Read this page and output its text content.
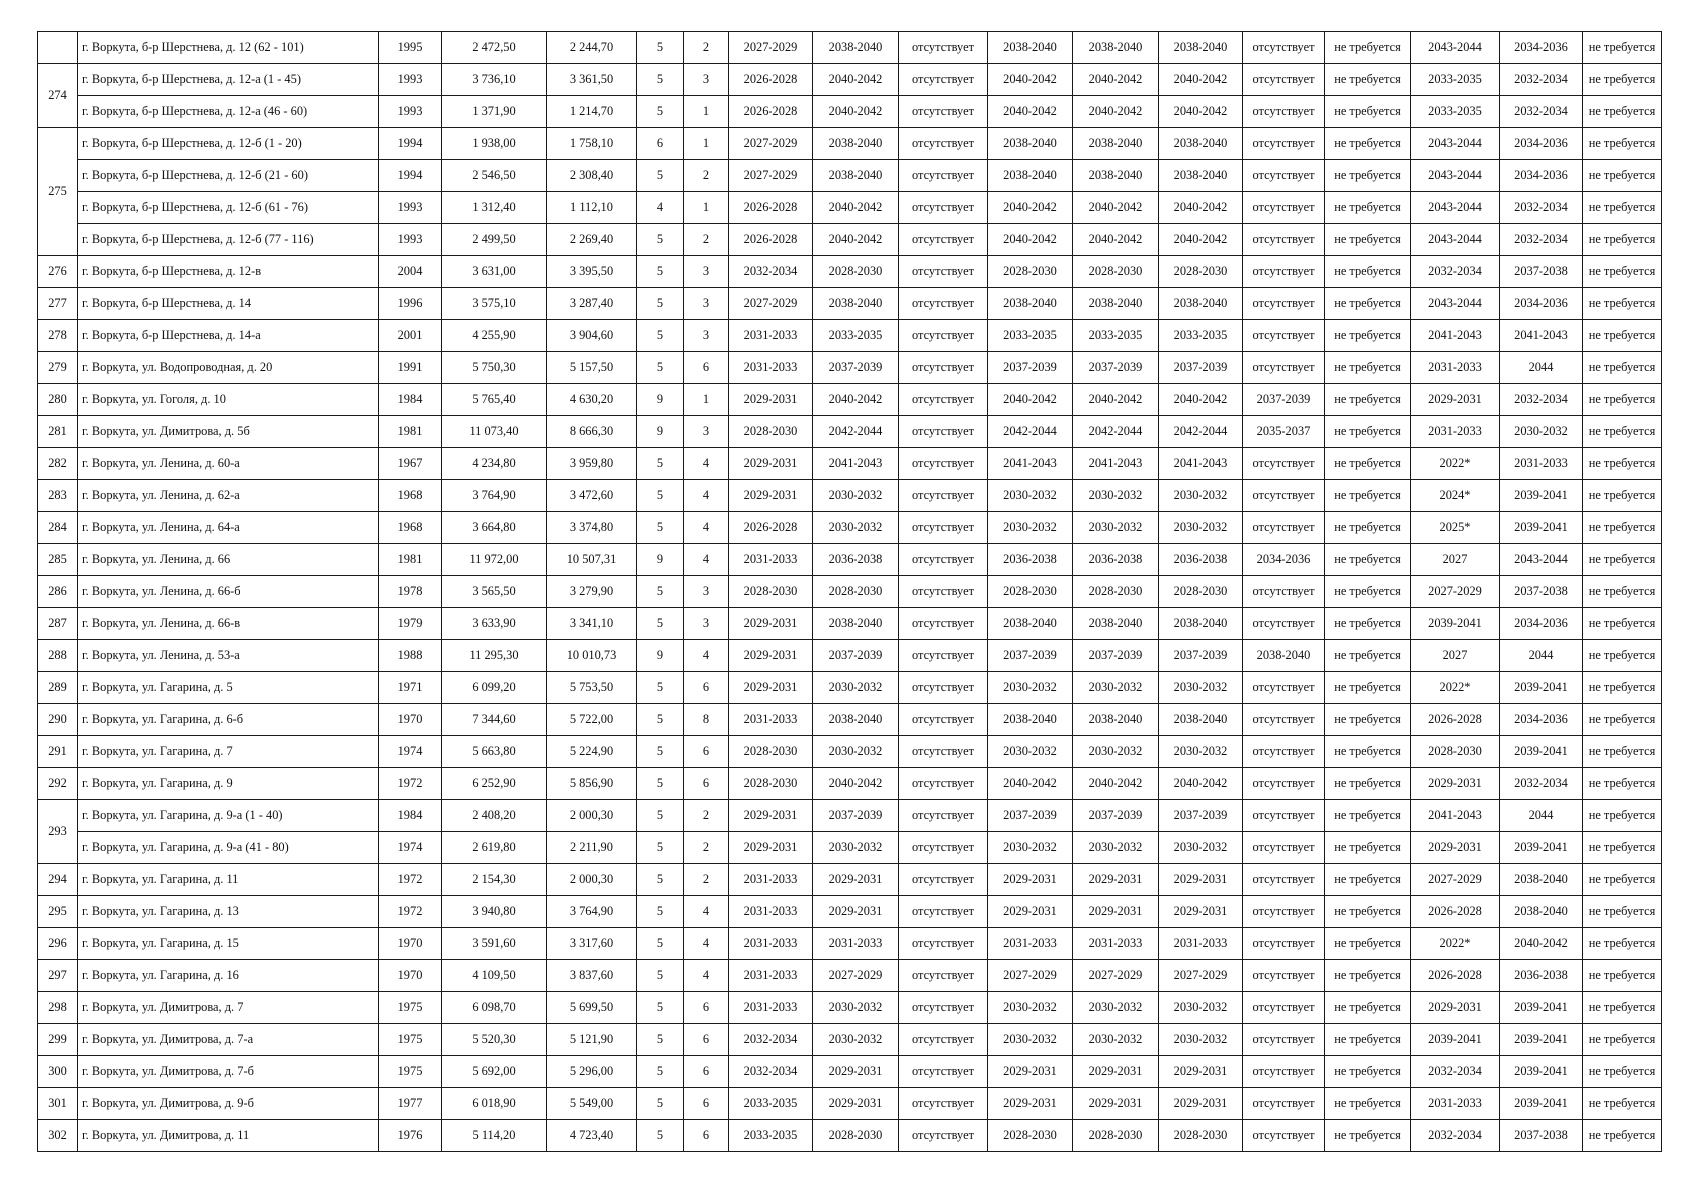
	г. Воркута, б-р Шерстнева, д. 12 (62 - 101)	1995	2 472,50	2 244,70	5	2	2027-2029	2038-2040	отсутствует	2038-2040	2038-2040	2038-2040	отсутствует	не требуется	2043-2044	2034-2036	не требуется
274	г. Воркута, б-р Шерстнева, д. 12-а (1 - 45)	1993	3 736,10	3 361,50	5	3	2026-2028	2040-2042	отсутствует	2040-2042	2040-2042	2040-2042	отсутствует	не требуется	2033-2035	2032-2034	не требуется
	г. Воркута, б-р Шерстнева, д. 12-а (46 - 60)	1993	1 371,90	1 214,70	5	1	2026-2028	2040-2042	отсутствует	2040-2042	2040-2042	2040-2042	отсутствует	не требуется	2033-2035	2032-2034	не требуется
275	г. Воркута, б-р Шерстнева, д. 12-б (1 - 20)	1994	1 938,00	1 758,10	6	1	2027-2029	2038-2040	отсутствует	2038-2040	2038-2040	2038-2040	отсутствует	не требуется	2043-2044	2034-2036	не требуется
	г. Воркута, б-р Шерстнева, д. 12-б (21 - 60)	1994	2 546,50	2 308,40	5	2	2027-2029	2038-2040	отсутствует	2038-2040	2038-2040	2038-2040	отсутствует	не требуется	2043-2044	2034-2036	не требуется
	г. Воркута, б-р Шерстнева, д. 12-б (61 - 76)	1993	1 312,40	1 112,10	4	1	2026-2028	2040-2042	отсутствует	2040-2042	2040-2042	2040-2042	отсутствует	не требуется	2043-2044	2032-2034	не требуется
	г. Воркута, б-р Шерстнева, д. 12-б (77 - 116)	1993	2 499,50	2 269,40	5	2	2026-2028	2040-2042	отсутствует	2040-2042	2040-2042	2040-2042	отсутствует	не требуется	2043-2044	2032-2034	не требуется
276	г. Воркута, б-р Шерстнева, д. 12-в	2004	3 631,00	3 395,50	5	3	2032-2034	2028-2030	отсутствует	2028-2030	2028-2030	2028-2030	отсутствует	не требуется	2032-2034	2037-2038	не требуется
277	г. Воркута, б-р Шерстнева, д. 14	1996	3 575,10	3 287,40	5	3	2027-2029	2038-2040	отсутствует	2038-2040	2038-2040	2038-2040	отсутствует	не требуется	2043-2044	2034-2036	не требуется
278	г. Воркута, б-р Шерстнева, д. 14-а	2001	4 255,90	3 904,60	5	3	2031-2033	2033-2035	отсутствует	2033-2035	2033-2035	2033-2035	отсутствует	не требуется	2041-2043	2041-2043	не требуется
279	г. Воркута, ул. Водопроводная, д. 20	1991	5 750,30	5 157,50	5	6	2031-2033	2037-2039	отсутствует	2037-2039	2037-2039	2037-2039	отсутствует	не требуется	2031-2033	2044	не требуется
280	г. Воркута, ул. Гоголя, д. 10	1984	5 765,40	4 630,20	9	1	2029-2031	2040-2042	отсутствует	2040-2042	2040-2042	2040-2042	2037-2039	не требуется	2029-2031	2032-2034	не требуется
281	г. Воркута, ул. Димитрова, д. 5б	1981	11 073,40	8 666,30	9	3	2028-2030	2042-2044	отсутствует	2042-2044	2042-2044	2042-2044	2035-2037	не требуется	2031-2033	2030-2032	не требуется
282	г. Воркута, ул. Ленина, д. 60-а	1967	4 234,80	3 959,80	5	4	2029-2031	2041-2043	отсутствует	2041-2043	2041-2043	2041-2043	отсутствует	не требуется	2022*	2031-2033	не требуется
283	г. Воркута, ул. Ленина, д. 62-а	1968	3 764,90	3 472,60	5	4	2029-2031	2030-2032	отсутствует	2030-2032	2030-2032	2030-2032	отсутствует	не требуется	2024*	2039-2041	не требуется
284	г. Воркута, ул. Ленина, д. 64-а	1968	3 664,80	3 374,80	5	4	2026-2028	2030-2032	отсутствует	2030-2032	2030-2032	2030-2032	отсутствует	не требуется	2025*	2039-2041	не требуется
285	г. Воркута, ул. Ленина, д. 66	1981	11 972,00	10 507,31	9	4	2031-2033	2036-2038	отсутствует	2036-2038	2036-2038	2036-2038	2034-2036	не требуется	2027	2043-2044	не требуется
286	г. Воркута, ул. Ленина, д. 66-б	1978	3 565,50	3 279,90	5	3	2028-2030	2028-2030	отсутствует	2028-2030	2028-2030	2028-2030	отсутствует	не требуется	2027-2029	2037-2038	не требуется
287	г. Воркута, ул. Ленина, д. 66-в	1979	3 633,90	3 341,10	5	3	2029-2031	2038-2040	отсутствует	2038-2040	2038-2040	2038-2040	отсутствует	не требуется	2039-2041	2034-2036	не требуется
288	г. Воркута, ул. Ленина, д. 53-а	1988	11 295,30	10 010,73	9	4	2029-2031	2037-2039	отсутствует	2037-2039	2037-2039	2037-2039	2038-2040	не требуется	2027	2044	не требуется
289	г. Воркута, ул. Гагарина, д. 5	1971	6 099,20	5 753,50	5	6	2029-2031	2030-2032	отсутствует	2030-2032	2030-2032	2030-2032	отсутствует	не требуется	2022*	2039-2041	не требуется
290	г. Воркута, ул. Гагарина, д. 6-б	1970	7 344,60	5 722,00	5	8	2031-2033	2038-2040	отсутствует	2038-2040	2038-2040	2038-2040	отсутствует	не требуется	2026-2028	2034-2036	не требуется
291	г. Воркута, ул. Гагарина, д. 7	1974	5 663,80	5 224,90	5	6	2028-2030	2030-2032	отсутствует	2030-2032	2030-2032	2030-2032	отсутствует	не требуется	2028-2030	2039-2041	не требуется
292	г. Воркута, ул. Гагарина, д. 9	1972	6 252,90	5 856,90	5	6	2028-2030	2040-2042	отсутствует	2040-2042	2040-2042	2040-2042	отсутствует	не требуется	2029-2031	2032-2034	не требуется
293	г. Воркута, ул. Гагарина, д. 9-а (1 - 40)	1984	2 408,20	2 000,30	5	2	2029-2031	2037-2039	отсутствует	2037-2039	2037-2039	2037-2039	отсутствует	не требуется	2041-2043	2044	не требуется
	г. Воркута, ул. Гагарина, д. 9-а (41 - 80)	1974	2 619,80	2 211,90	5	2	2029-2031	2030-2032	отсутствует	2030-2032	2030-2032	2030-2032	отсутствует	не требуется	2029-2031	2039-2041	не требуется
294	г. Воркута, ул. Гагарина, д. 11	1972	2 154,30	2 000,30	5	2	2031-2033	2029-2031	отсутствует	2029-2031	2029-2031	2029-2031	отсутствует	не требуется	2027-2029	2038-2040	не требуется
295	г. Воркута, ул. Гагарина, д. 13	1972	3 940,80	3 764,90	5	4	2031-2033	2029-2031	отсутствует	2029-2031	2029-2031	2029-2031	отсутствует	не требуется	2026-2028	2038-2040	не требуется
296	г. Воркута, ул. Гагарина, д. 15	1970	3 591,60	3 317,60	5	4	2031-2033	2031-2033	отсутствует	2031-2033	2031-2033	2031-2033	отсутствует	не требуется	2022*	2040-2042	не требуется
297	г. Воркута, ул. Гагарина, д. 16	1970	4 109,50	3 837,60	5	4	2031-2033	2027-2029	отсутствует	2027-2029	2027-2029	2027-2029	отсутствует	не требуется	2026-2028	2036-2038	не требуется
298	г. Воркута, ул. Димитрова, д. 7	1975	6 098,70	5 699,50	5	6	2031-2033	2030-2032	отсутствует	2030-2032	2030-2032	2030-2032	отсутствует	не требуется	2029-2031	2039-2041	не требуется
299	г. Воркута, ул. Димитрова, д. 7-а	1975	5 520,30	5 121,90	5	6	2032-2034	2030-2032	отсутствует	2030-2032	2030-2032	2030-2032	отсутствует	не требуется	2039-2041	2039-2041	не требуется
300	г. Воркута, ул. Димитрова, д. 7-б	1975	5 692,00	5 296,00	5	6	2032-2034	2029-2031	отсутствует	2029-2031	2029-2031	2029-2031	отсутствует	не требуется	2032-2034	2039-2041	не требуется
301	г. Воркута, ул. Димитрова, д. 9-б	1977	6 018,90	5 549,00	5	6	2033-2035	2029-2031	отсутствует	2029-2031	2029-2031	2029-2031	отсутствует	не требуется	2031-2033	2039-2041	не требуется
302	г. Воркута, ул. Димитрова, д. 11	1976	5 114,20	4 723,40	5	6	2033-2035	2028-2030	отсутствует	2028-2030	2028-2030	2028-2030	отсутствует	не требуется	2032-2034	2037-2038	не требуется
